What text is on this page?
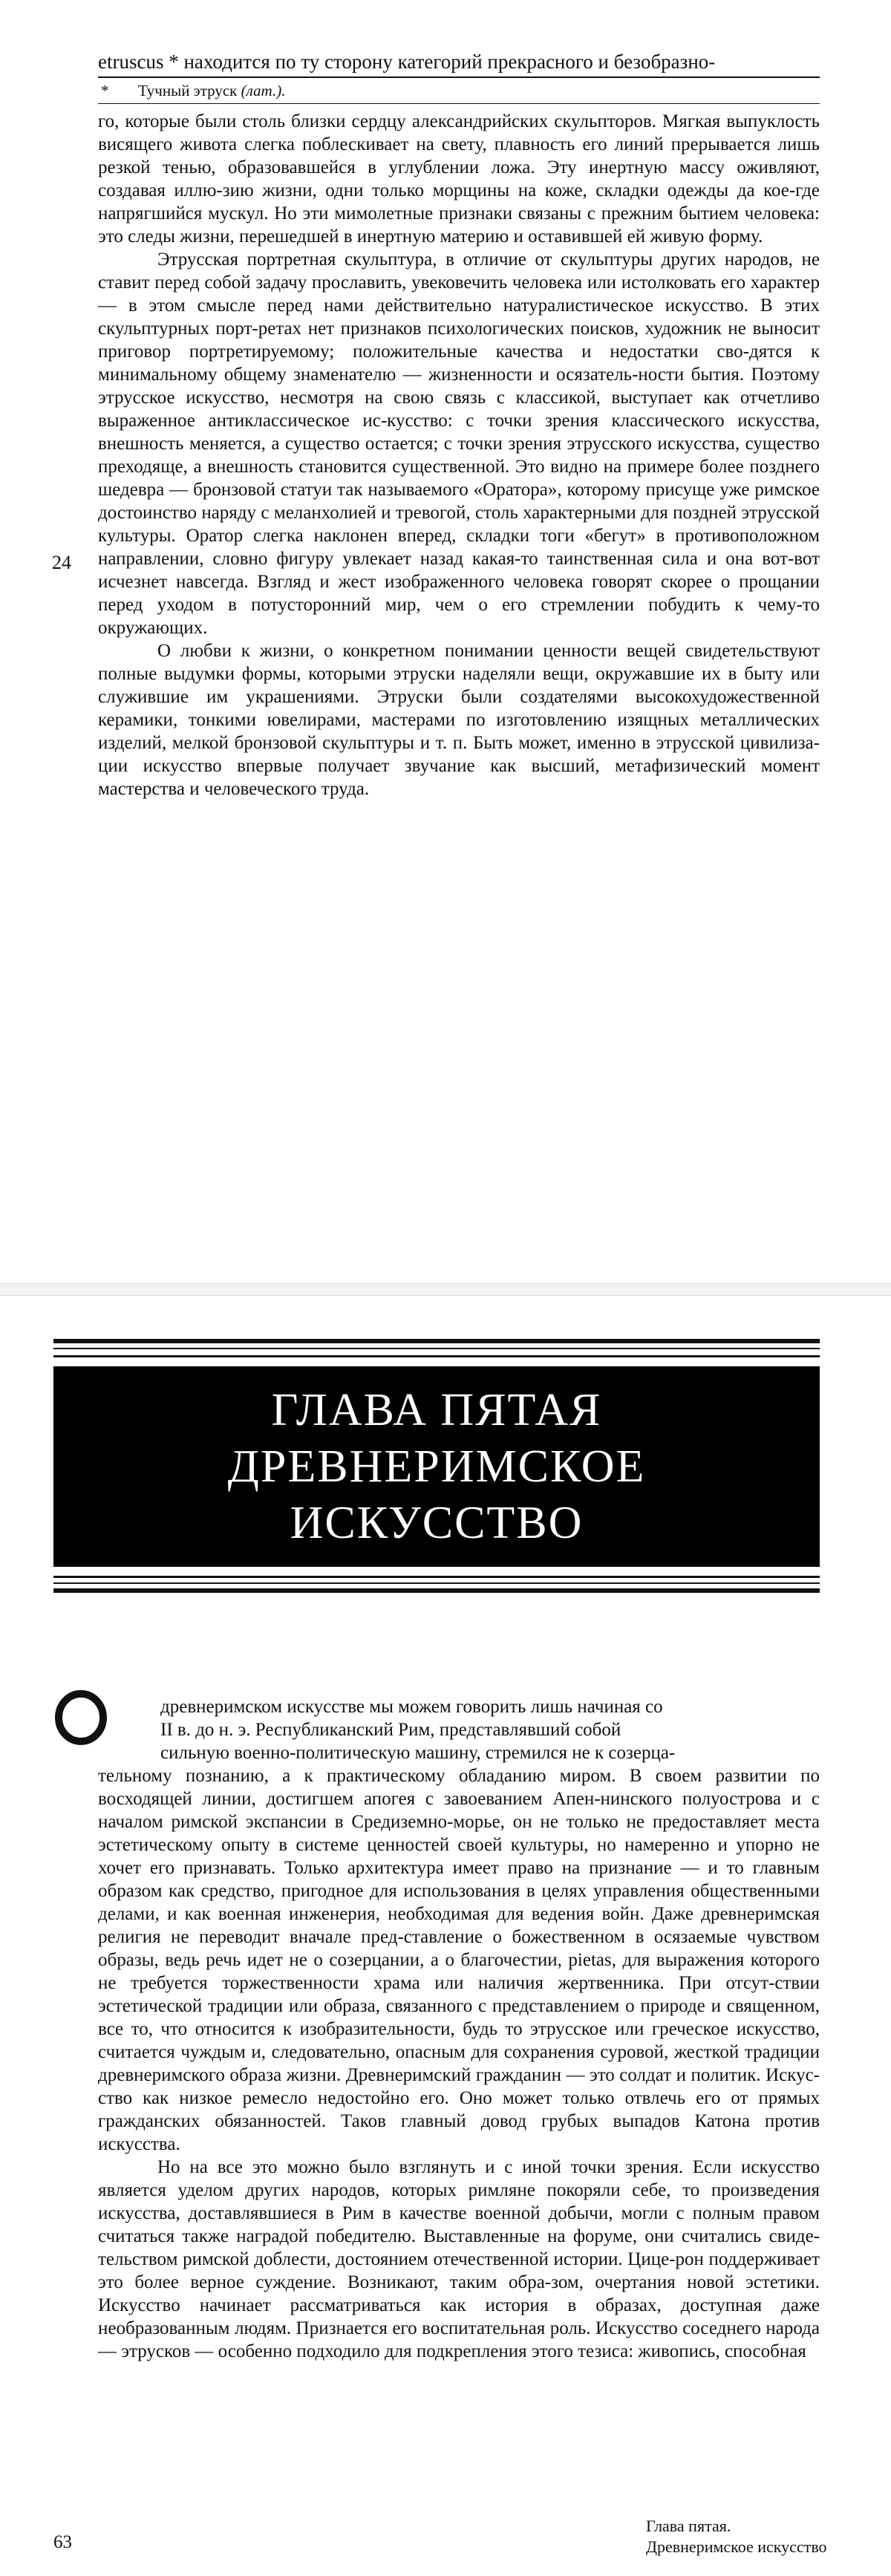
etruscus * находится по ту сторону категорий прекрасного и безобразно-
* Тучный этруск (лат.).
24

го, которые были столь близки сердцу александрийских скульпторов. Мягкая выпуклость висящего живота слегка поблескивает на свету, плавность его линий прерывается лишь резкой тенью, образовавшейся в углублении ложа. Эту инертную массу оживляют, создавая иллю-зию жизни, одни только морщины на коже, складки одежды да кое-где напрягшийся мускул. Но эти мимолетные признаки связаны с прежним бытием человека: это следы жизни, перешедшей в инертную материю и оставившей ей живую форму.

Этрусская портретная скульптура, в отличие от скульптуры других народов, не ставит перед собой задачу прославить, увековечить человека или истолковать его характер — в этом смысле перед нами действительно натуралистическое искусство. В этих скульптурных порт-ретах нет признаков психологических поисков, художник не выносит приговор портретируемому; положительные качества и недостатки сво-дятся к минимальному общему знаменателю — жизненности и осязатель-ности бытия. Поэтому этрусское искусство, несмотря на свою связь с классикой, выступает как отчетливо выраженное антиклассическое ис-кусство: с точки зрения классического искусства, внешность меняется, а существо остается; с точки зрения этрусского искусства, существо преходяще, а внешность становится существенной. Это видно на примере более позднего шедевра — бронзовой статуи так называемого «Оратора», которому присуще уже римское достоинство наряду с меланхолией и тревогой, столь характерными для поздней этрусской культуры. Оратор слегка наклонен вперед, складки тоги «бегут» в противоположном направлении, словно фигуру увлекает назад какая-то таинственная сила и она вот-вот исчезнет навсегда. Взгляд и жест изображенного человека говорят скорее о прощании перед уходом в потусторонний мир, чем о его стремлении побудить к чему-то окружающих.

О любви к жизни, о конкретном понимании ценности вещей свидетельствуют полные выдумки формы, которыми этруски наделяли вещи, окружавшие их в быту или служившие им украшениями. Этруски были создателями высокохудожественной керамики, тонкими ювелирами, мастерами по изготовлению изящных металлических изделий, мелкой бронзовой скульптуры и т. п. Быть может, именно в этрусской цивилиза-ции искусство впервые получает звучание как высший, метафизический момент мастерства и человеческого труда.

ГЛАВА ПЯТАЯ
ДРЕВНЕРИМСКОЕ
ИСКУССТВО
О

древнеримском искусстве мы можем говорить лишь начиная со
II в. до н. э. Республиканский Рим, представлявший собой
сильную военно-политическую машину, стремился не к созерца-
тельному познанию, а к практическому обладанию миром. В своем развитии по восходящей линии, достигшем апогея с завоеванием Апен-нинского полуострова и с началом римской экспансии в Средиземно-морье, он не только не предоставляет места эстетическому опыту в системе ценностей своей культуры, но намеренно и упорно не хочет его признавать. Только архитектура имеет право на признание — и то главным образом как средство, пригодное для использования в целях управления общественными делами, и как военная инженерия, необходимая для ведения войн. Даже древнеримская религия не переводит вначале пред-ставление о божественном в осязаемые чувством образы, ведь речь идет не о созерцании, а о благочестии, pietas, для выражения которого не требуется торжественности храма или наличия жертвенника. При отсут-ствии эстетической традиции или образа, связанного с представлением о природе и священном, все то, что относится к изобразительности, будь то этрусское или греческое искусство, считается чуждым и, следовательно, опасным для сохранения суровой, жесткой традиции древнеримского образа жизни. Древнеримский гражданин — это солдат и политик. Искус-ство как низкое ремесло недостойно его. Оно может только отвлечь его от прямых гражданских обязанностей. Таков главный довод грубых выпадов Катона против искусства.

Но на все это можно было взглянуть и с иной точки зрения. Если искусство является уделом других народов, которых римляне покоряли себе, то произведения искусства, доставлявшиеся в Рим в качестве военной добычи, могли с полным правом считаться также наградой победителю. Выставленные на форуме, они считались свиде-тельством римской доблести, достоянием отечественной истории. Цице-рон поддерживает это более верное суждение. Возникают, таким обра-зом, очертания новой эстетики. Искусство начинает рассматриваться как история в образах, доступная даже необразованным людям. Признается его воспитательная роль. Искусство соседнего народа — этрусков — особенно подходило для подкрепления этого тезиса: живопись, способная

63
Глава пятая.
Древнеримское искусство
